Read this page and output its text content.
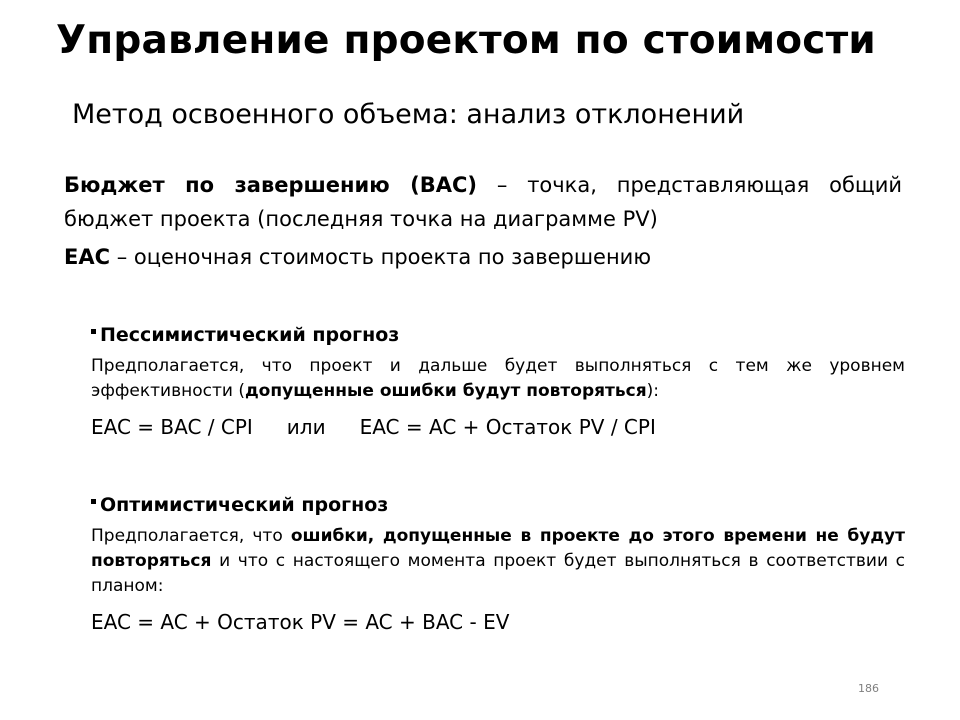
Управление проектом по стоимости
Метод освоенного объема: анализ отклонений

Бюджет по завершению (BAC) – точка, представляющая общий бюджет проекта (последняя точка на диаграмме PV)

EAC – оценочная стоимость проекта по завершению

Пессимистический прогноз
Предполагается, что проект и дальше будет выполняться с тем же уровнем эффективности (допущенные ошибки будут повторяться):
EAC = BAC / CPI или EAC = AC + Остаток PV / CPI
Оптимистический прогноз
Предполагается, что ошибки, допущенные в проекте до этого времени не будут повторяться и что с настоящего момента проект будет выполняться в соответствии с планом:
EAC = AC + Остаток PV = AC + BAC - EV
186
